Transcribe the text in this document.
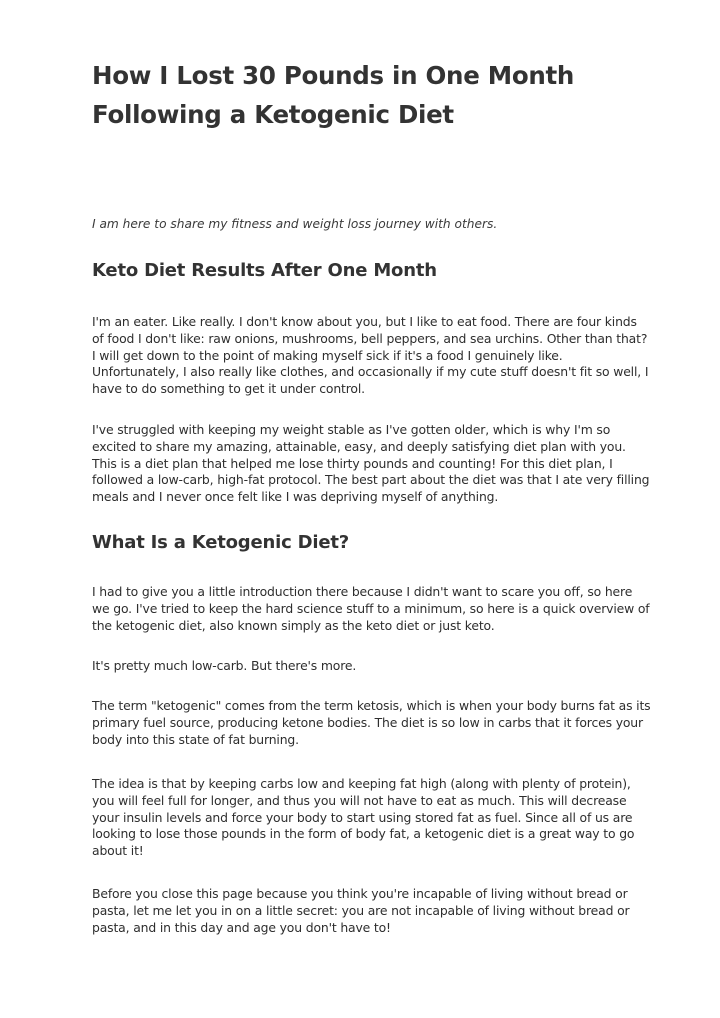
How I Lost 30 Pounds in One Month Following a Ketogenic Diet

I am here to share my fitness and weight loss journey with others.

Keto Diet Results After One Month

I'm an eater. Like really. I don't know about you, but I like to eat food. There are four kinds of food I don't like: raw onions, mushrooms, bell peppers, and sea urchins. Other than that? I will get down to the point of making myself sick if it's a food I genuinely like. Unfortunately, I also really like clothes, and occasionally if my cute stuff doesn't fit so well, I have to do something to get it under control.

I've struggled with keeping my weight stable as I've gotten older, which is why I'm so excited to share my amazing, attainable, easy, and deeply satisfying diet plan with you. This is a diet plan that helped me lose thirty pounds and counting! For this diet plan, I followed a low-carb, high-fat protocol. The best part about the diet was that I ate very filling meals and I never once felt like I was depriving myself of anything.

What Is a Ketogenic Diet?

I had to give you a little introduction there because I didn't want to scare you off, so here we go. I've tried to keep the hard science stuff to a minimum, so here is a quick overview of the ketogenic diet, also known simply as the keto diet or just keto.

It's pretty much low-carb. But there's more.

The term "ketogenic" comes from the term ketosis, which is when your body burns fat as its primary fuel source, producing ketone bodies. The diet is so low in carbs that it forces your body into this state of fat burning.

The idea is that by keeping carbs low and keeping fat high (along with plenty of protein), you will feel full for longer, and thus you will not have to eat as much. This will decrease your insulin levels and force your body to start using stored fat as fuel. Since all of us are looking to lose those pounds in the form of body fat, a ketogenic diet is a great way to go about it!

Before you close this page because you think you're incapable of living without bread or pasta, let me let you in on a little secret: you are not incapable of living without bread or pasta, and in this day and age you don't have to!
